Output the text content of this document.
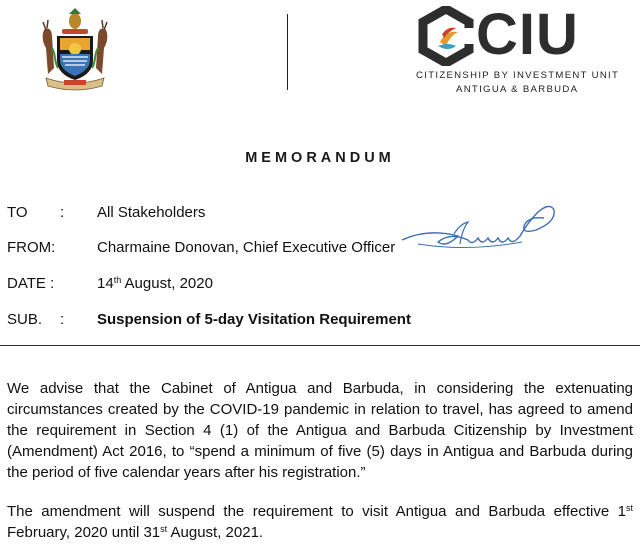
CIU
CITIZENSHIP BY INVESTMENT UNIT
ANTIGUA & BARBUDA
MEMORANDUM
TO : All Stakeholders
FROM:	Charmaine Donovan, Chief Executive Officer
DATE :	14th August, 2020
SUB. : Suspension of 5-day Visitation Requirement

We advise that the Cabinet of Antigua and Barbuda, in considering the extenuating circumstances created by the COVID-19 pandemic in relation to travel, has agreed to amend the requirement in Section 4 (1) of the Antigua and Barbuda Citizenship by Investment (Amendment) Act 2016, to “spend a minimum of five (5) days in Antigua and Barbuda during the period of five calendar years after his registration.”

The amendment will suspend the requirement to visit Antigua and Barbuda effective 1st February, 2020 until 31st August, 2021.
